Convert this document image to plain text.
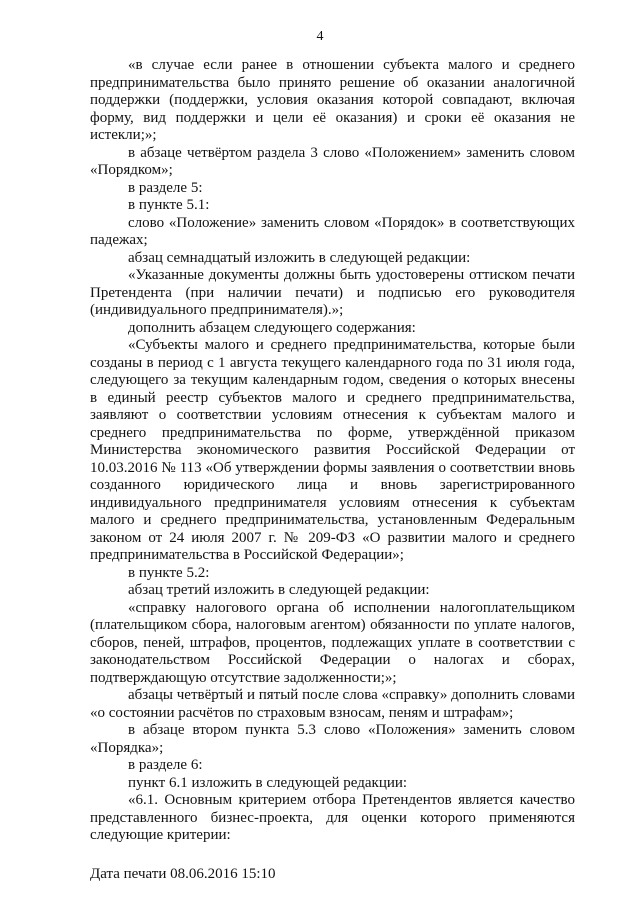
4

«в случае если ранее в отношении субъекта малого и среднего предпринимательства было принято решение об оказании аналогичной поддержки (поддержки, условия оказания которой совпадают, включая форму, вид поддержки и цели её оказания) и сроки её оказания не истекли;»;

в абзаце четвёртом раздела 3 слово «Положением» заменить словом «Порядком»;

в разделе 5:

в пункте 5.1:

слово «Положение» заменить словом «Порядок» в соответствующих падежах;

абзац семнадцатый изложить в следующей редакции:

«Указанные документы должны быть удостоверены оттиском печати Претендента (при наличии печати) и подписью его руководителя (индивидуального предпринимателя).»;

дополнить абзацем следующего содержания:

«Субъекты малого и среднего предпринимательства, которые были созданы в период с 1 августа текущего календарного года по 31 июля года, следующего за текущим календарным годом, сведения о которых внесены в единый реестр субъектов малого и среднего предпринимательства, заявляют о соответствии условиям отнесения к субъектам малого и среднего предпринимательства по форме, утверждённой приказом Министерства экономического развития Российской Федерации от 10.03.2016 № 113 «Об утверждении формы заявления о соответствии вновь созданного юридического лица и вновь зарегистрированного индивидуального предпринимателя условиям отнесения к субъектам малого и среднего предпринимательства, установленным Федеральным законом от 24 июля 2007 г. № 209-ФЗ «О развитии малого и среднего предпринимательства в Российской Федерации»;

в пункте 5.2:

абзац третий изложить в следующей редакции:

«справку налогового органа об исполнении налогоплательщиком (плательщиком сбора, налоговым агентом) обязанности по уплате налогов, сборов, пеней, штрафов, процентов, подлежащих уплате в соответствии с законодательством Российской Федерации о налогах и сборах, подтверждающую отсутствие задолженности;»;

абзацы четвёртый и пятый после слова «справку» дополнить словами «о состоянии расчётов по страховым взносам, пеням и штрафам»;

в абзаце втором пункта 5.3 слово «Положения» заменить словом «Порядка»;

в разделе 6:

пункт 6.1 изложить в следующей редакции:

«6.1. Основным критерием отбора Претендентов является качество представленного бизнес-проекта, для оценки которого применяются следующие критерии:

Дата печати 08.06.2016 15:10
